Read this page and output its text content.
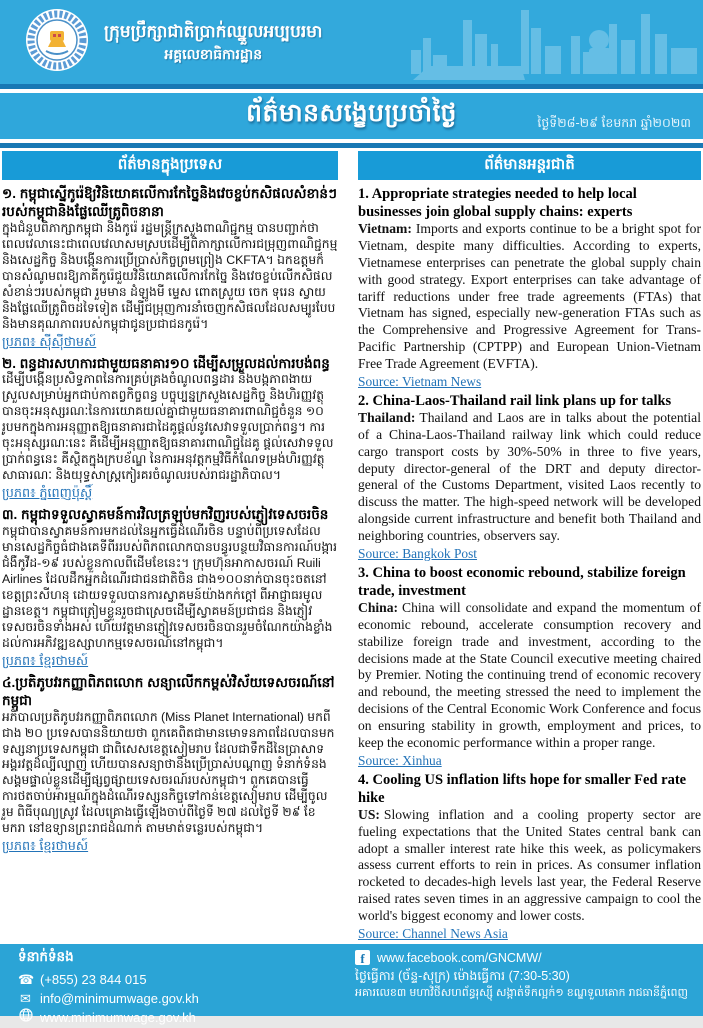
ក្រុមប្រឹក្សាជាតិប្រាក់ឈ្នួលអប្បបរមា
អគ្គលេខាធិការដ្ឋាន
ព័ត៌មានសង្ខេបប្រចាំថ្ងៃ	ថ្ងៃទី២៨-២៩ ខែមករា ឆ្នាំ២០២៣
ព័ត៌មានក្នុងប្រទេស
១. កម្ពុជាស្នើកូរ៉េឱ្យវិនិយោគលើការកែច្នៃនិងវេចខ្ចប់កសិផលសំខាន់ៗ របស់កម្ពុជានិងផ្លែឈើត្រូពិចនានា

ក្នុងជំនួបពិភាក្សាកម្ពុជា និងកូរ៉េ រដ្ឋមន្ត្រីក្រសួងពាណិជ្ជកម្ម បានបញ្ជាក់ថា ពេលវេលានេះជាពេលវេលាសមស្របដើម្បីពិភាក្សាលើការជម្រុញពាណិជ្ជកម្ម និងសេដ្ឋកិច្ច និងបង្កើនការប្រើប្រាស់កិច្ចព្រមព្រៀង CKFTA។ ឯកឧត្តមក៏បានសំណូមពរឱ្យភាគីកូរ៉េជួយវិនិយោគលើការកែច្នៃ និងវេចខ្ចប់លើកសិផលសំខាន់ៗរបស់កម្ពុជា រួមមាន ដំឡូងមី ម្ទេស ពោតស្រួយ ចេក ទុរេន ស្វាយ និងផ្លែឈើត្រូពិចដទៃទៀត ដើម្បីជម្រុញការនាំចេញកសិផលដែលសម្បូរបែប និងមានគុណភាពរបស់កម្ពុជាជូនប្រជាជនកូរ៉េ។

ប្រភព៖ ស៊ីស៊ីថាមស៍
២. ពន្ធដារសហការជាមួយធនាគារ១០ ដើម្បីសម្រួលដល់ការបង់ពន្ធ

ដើម្បីបង្កើនប្រសិទ្ធភាពនៃការគ្រប់គ្រងចំណូលពន្ធដារ និងបង្កភាពងាយស្រួលសម្រាប់អ្នកជាប់កាតព្វកិច្ចពន្ធ បច្ចុប្បន្នក្រសួងសេដ្ឋកិច្ច និងហិរញ្ញវត្ថុ បានចុះអនុស្សរណៈនៃការយោគយល់គ្នាជាមួយធនាគារពាណិជ្ជចំនួន ១០ រូបមកក្នុងការអនុញ្ញាតឱ្យធនាគារជាដៃគូផ្តល់នូវសេវាទទួលប្រាក់ពន្ធ។ ការចុះអនុស្សរណៈនេះ គឺដើម្បីអនុញ្ញាតឱ្យធនាគារពាណិជ្ជដៃគូ ផ្តល់សេវាទទួលប្រាក់ពន្ធនេះ គឺស្ថិតក្នុងក្របខ័ណ្ឌ នៃការអនុវត្តកម្មវិធីកំណែទម្រង់ហិរញ្ញវត្ថុសាធារណៈ និងយុទ្ធសាស្ត្រកៀរគរចំណូលរបស់រាជរដ្ឋាភិបាល។

ប្រភព៖ ភ្នំពេញប៉ុស្តិ៍
៣. កម្ពុជាទទួលស្វាគមន៍ការវិលត្រឡប់មកវិញរបស់ភ្ញៀវទេសចរចិន

កម្ពុជាបានស្វាគមន៍ការមកដល់នៃអ្នកធ្វើដំណើរចិន បន្ទាប់ពីប្រទេសដែលមានសេដ្ឋកិច្ចធំជាងគេទីពីររបស់ពិភពលោកបានបន្ធូរបន្ថយវិធានការណ៍បង្ការជំងឺកូវីដ-១៩ របស់ខ្លួនកាលពីដើមខែនេះ។ ក្រុមហ៊ុនអាកាសចរណ៍ Ruili Airlines ដែលដឹកអ្នកដំណើរជាជនជាតិចិន ជាង១០០នាក់បានចុះចតនៅខេត្តព្រះសីហនុ ដោយទទួលបានការស្វាគមន៍យ៉ាងកក់ក្តៅ ពីអាជ្ញាធរមូលដ្ឋានខេត្ត។ កម្ពុជាត្រៀមខ្លួនរួចជាស្រេចដើម្បីស្វាគមន៍ប្រជាជន និងភ្ញៀវទេសចរចិនទាំងអស់ ហើយវត្តមានភ្ញៀវទេសចរចិនបានរួមចំណែកយ៉ាងខ្លាំងដល់ការអភិវឌ្ឍឧស្សាហកម្មទេសចរណ៍នៅកម្ពុជា។

ប្រភព៖ ខ្មែរថាមស៍
៤.ប្រតិភូបវរកញ្ញាពិភពលោក សន្យាលើកកម្ពស់វិស័យទេសចរណ៍នៅកម្ពុជា

អភិបាលប្រតិភូបវរកញ្ញាពិភពលោក (Miss Planet International) មកពីជាង ២០ ប្រទេសបាននិយាយថា ពួកគេពិតជាមានមោទនភាពដែលបានមក ទស្សនាប្រទេសកម្ពុជា ជាពិសេសខេត្តសៀមរាប ដែលជាទឹកដីនៃប្រាសាទអង្គរវត្តដ៏ល្បីល្បាញ ហើយបានសន្យាថានឹងប្រើប្រាស់បណ្តាញ ទំនាក់ទំនងសង្គមផ្ទាល់ខ្លួនដើម្បីផ្សព្វផ្សាយទេសចរណ៍របស់កម្ពុជា។ ពួកគេបានធ្វើការថតចាប់អារម្មណ៍ក្នុងដំណើរទស្សនកិច្ចទៅកាន់ខេត្តសៀមរាប ដើម្បីចូលរួម ពិធីបុណ្យស្រូវ ដែលគ្រោងធ្វើឡើងចាប់ពីថ្ងៃទី ២៧ ដល់ថ្ងៃទី ២៩ ខែមករា នៅឧទ្យានព្រះរាជដំណាក់ តាមមាត់ទន្លេរបស់កម្ពុជា។

ប្រភព៖ ខ្មែរថាមស៍
ព័ត៌មានអន្តរជាតិ
1. Appropriate strategies needed to help local businesses join global supply chains: experts

Vietnam: Imports and exports continue to be a bright spot for Vietnam, despite many difficulties. According to experts, Vietnamese enterprises can penetrate the global supply chain with good strategy. Export enterprises can take advantage of tariff reductions under free trade agreements (FTAs) that Vietnam has signed, especially new-generation FTAs such as the Comprehensive and Progressive Agreement for Trans-Pacific Partnership (CPTPP) and European Union-Vietnam Free Trade Agreement (EVFTA).

Source: Vietnam News
2. China-Laos-Thailand rail link plans up for talks

Thailand: Thailand and Laos are in talks about the potential of a China-Laos-Thailand railway link which could reduce cargo transport costs by 30%-50% in three to five years, deputy director-general of the DRT and deputy director-general of the Customs Department, visited Laos recently to discuss the matter. The high-speed network will be developed alongside current infrastructure and benefit both Thailand and neighboring countries, observers say.

Source: Bangkok Post
3. China to boost economic rebound, stabilize foreign trade, investment

China: China will consolidate and expand the momentum of economic rebound, accelerate consumption recovery and stabilize foreign trade and investment, according to the decisions made at the State Council executive meeting chaired by Premier. Noting the continuing trend of economic recovery and rebound, the meeting stressed the need to implement the decisions of the Central Economic Work Conference and focus on ensuring stability in growth, employment and prices, to keep the economic performance within a proper range.

Source: Xinhua
4. Cooling US inflation lifts hope for smaller Fed rate hike

US: Slowing inflation and a cooling property sector are fueling expectations that the United States central bank can adopt a smaller interest rate hike this week, as policymakers assess current efforts to rein in prices. As consumer inflation rocketed to decades-high levels last year, the Federal Reserve raised rates seven times in an aggressive campaign to cool the world's biggest economy and lower costs.

Source: Channel News Asia
ទំនាក់ទំនង
☎ (+855) 23 844 015
✉ info@minimumwage.gov.kh
www.minimumwage.gov.kh
f www.facebook.com/GNCMW/
ថ្ងៃធ្វើការ (ច័ន្ទ-សុក្រ) ម៉ោងធ្វើការ (7:30-5:30)
អគារលេខ៣ មហាវិថីសហព័ន្ធរុស្ស៊ី សង្កាត់ទឹកល្អក់១ ខណ្ឌទួលគោក រាជធានីភ្នំពេញ
